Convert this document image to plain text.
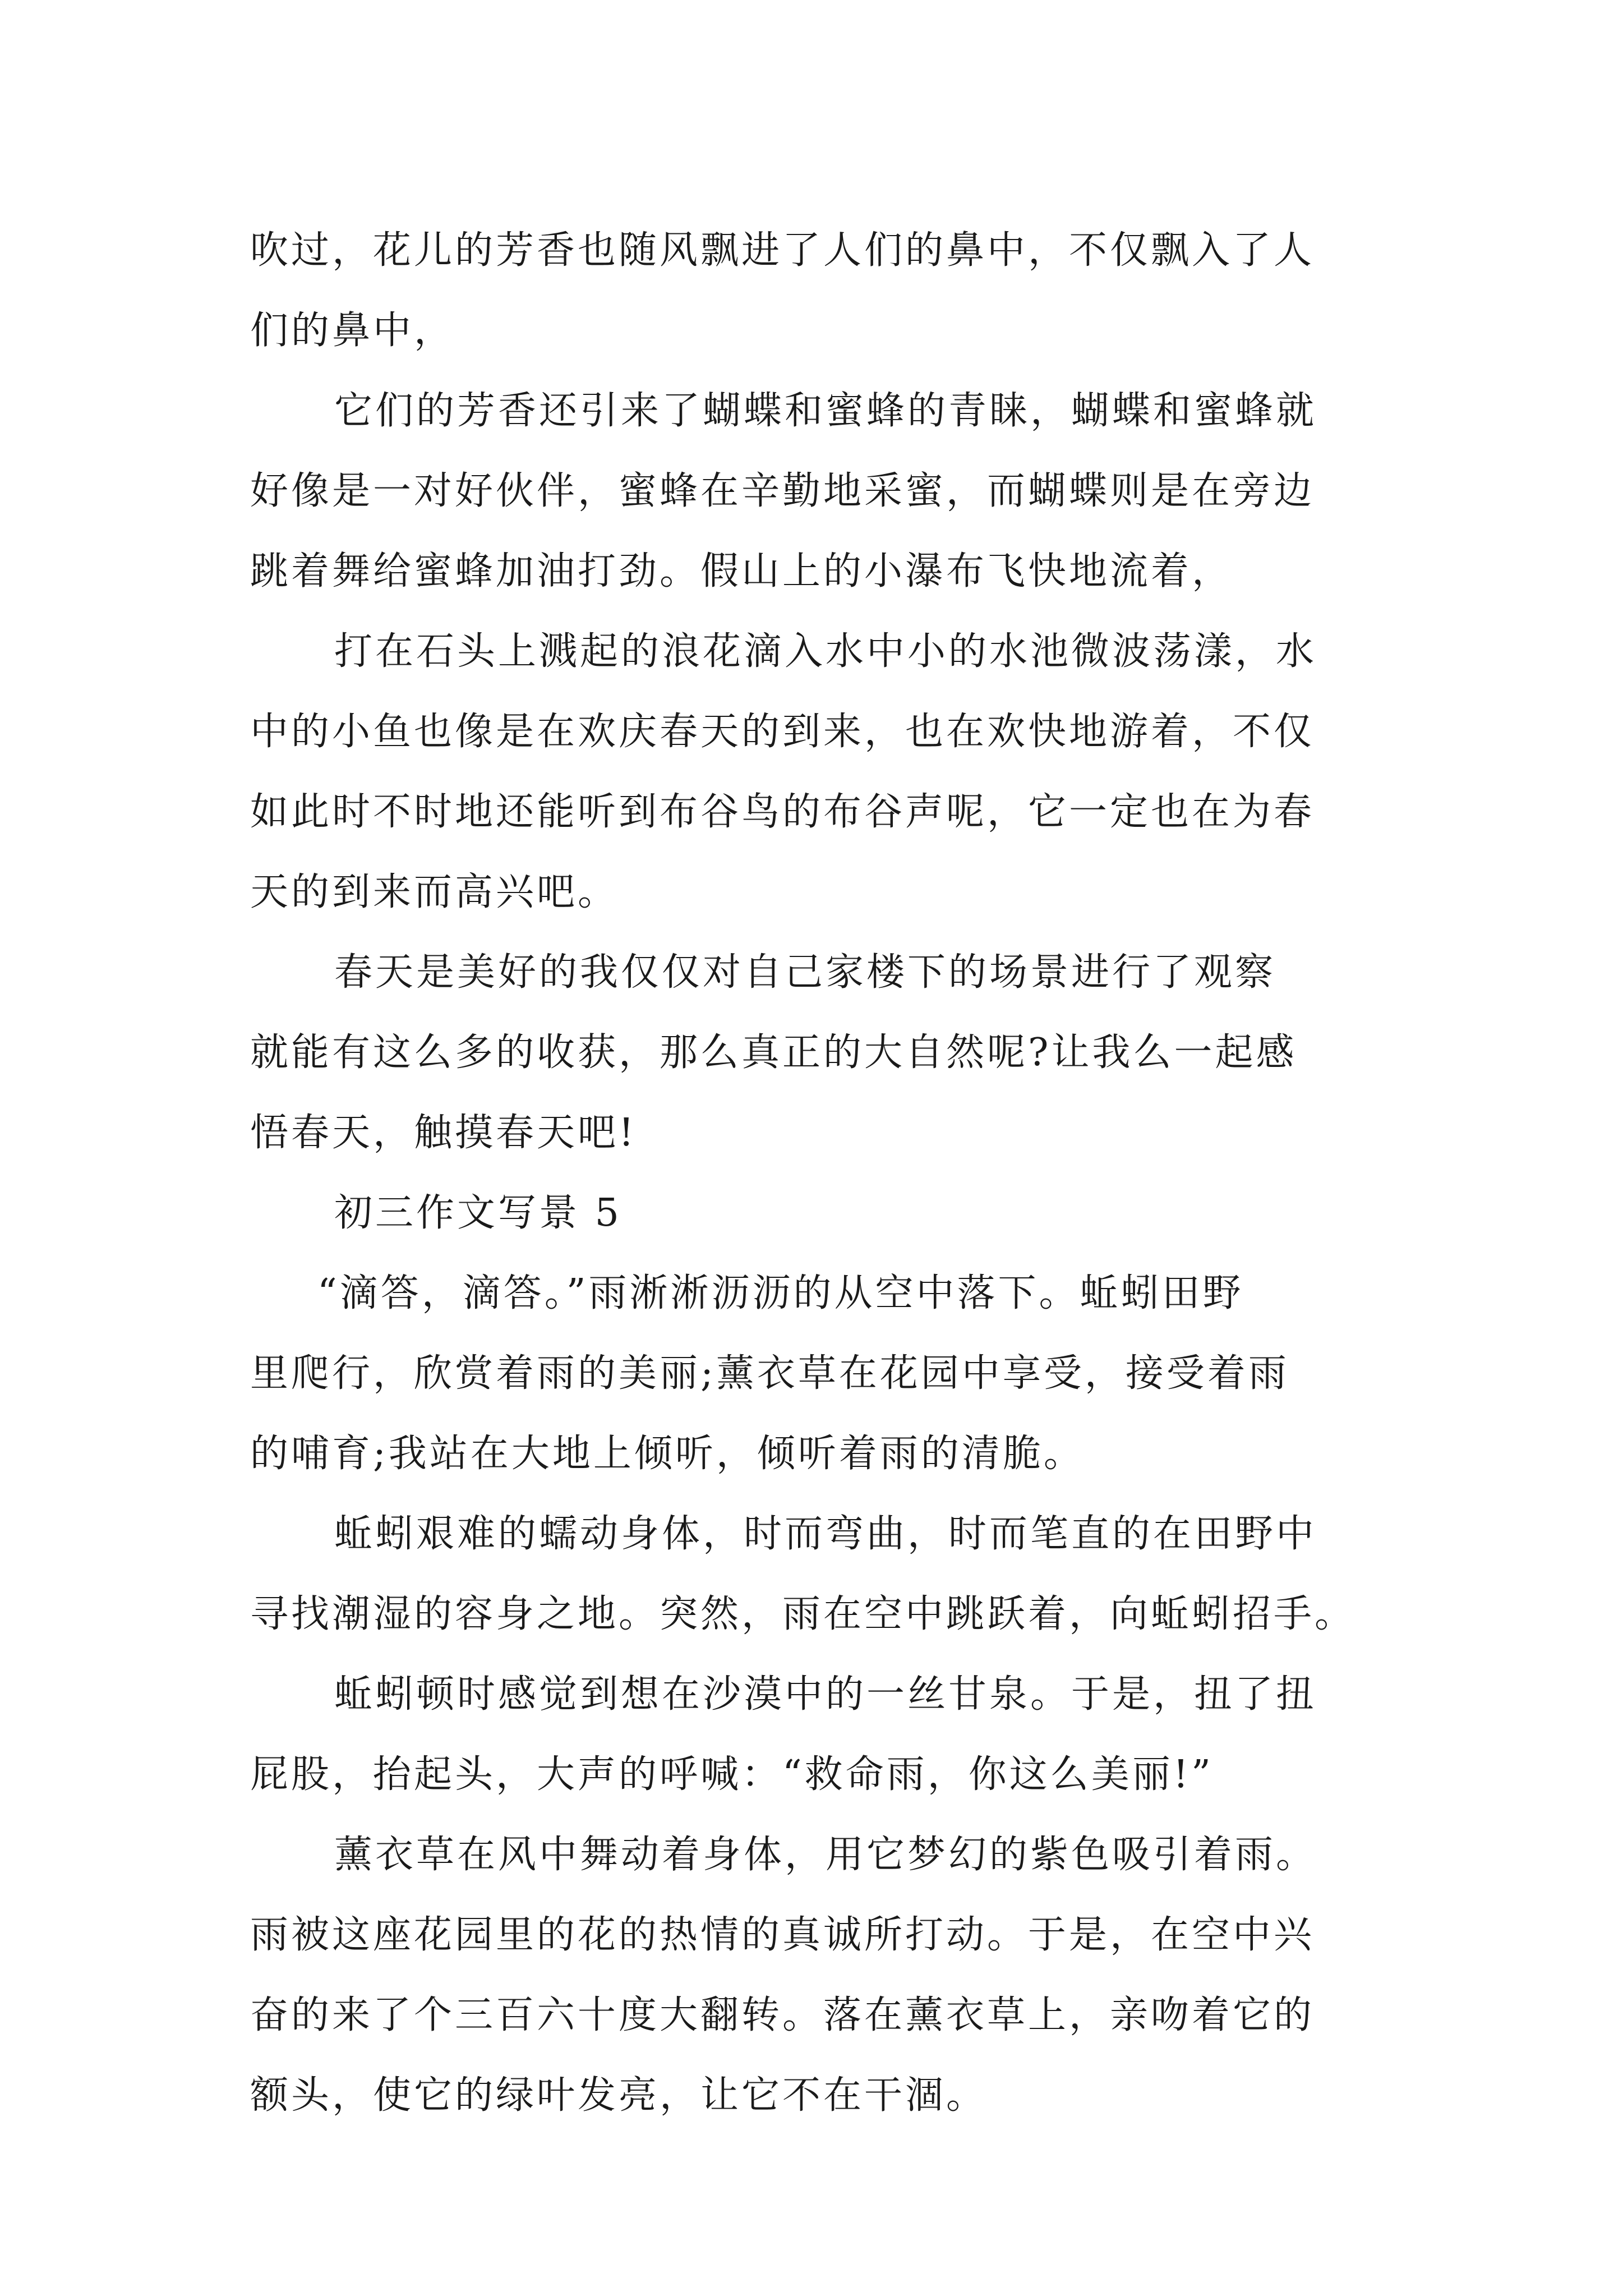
吹过，花儿的芳香也随风飘进了人们的鼻中，不仅飘入了人
们的鼻中，
它们的芳香还引来了蝴蝶和蜜蜂的青睐，蝴蝶和蜜蜂就
好像是一对好伙伴，蜜蜂在辛勤地采蜜，而蝴蝶则是在旁边
跳着舞给蜜蜂加油打劲。假山上的小瀑布飞快地流着，
打在石头上溅起的浪花滴入水中小的水池微波荡漾，水
中的小鱼也像是在欢庆春天的到来，也在欢快地游着，不仅
如此时不时地还能听到布谷鸟的布谷声呢，它一定也在为春
天的到来而高兴吧。
春天是美好的我仅仅对自己家楼下的场景进行了观察
就能有这么多的收获，那么真正的大自然呢?让我么一起感
悟春天，触摸春天吧!
初三作文写景 5
“滴答，滴答。”雨淅淅沥沥的从空中落下。蚯蚓田野
里爬行，欣赏着雨的美丽;薰衣草在花园中享受，接受着雨
的哺育;我站在大地上倾听，倾听着雨的清脆。
蚯蚓艰难的蠕动身体，时而弯曲，时而笔直的在田野中
寻找潮湿的容身之地。突然，雨在空中跳跃着，向蚯蚓招手。
蚯蚓顿时感觉到想在沙漠中的一丝甘泉。于是，扭了扭
屁股，抬起头，大声的呼喊：“救命雨，你这么美丽!”
薰衣草在风中舞动着身体，用它梦幻的紫色吸引着雨。
雨被这座花园里的花的热情的真诚所打动。于是，在空中兴
奋的来了个三百六十度大翻转。落在薰衣草上，亲吻着它的
额头，使它的绿叶发亮，让它不在干涸。
